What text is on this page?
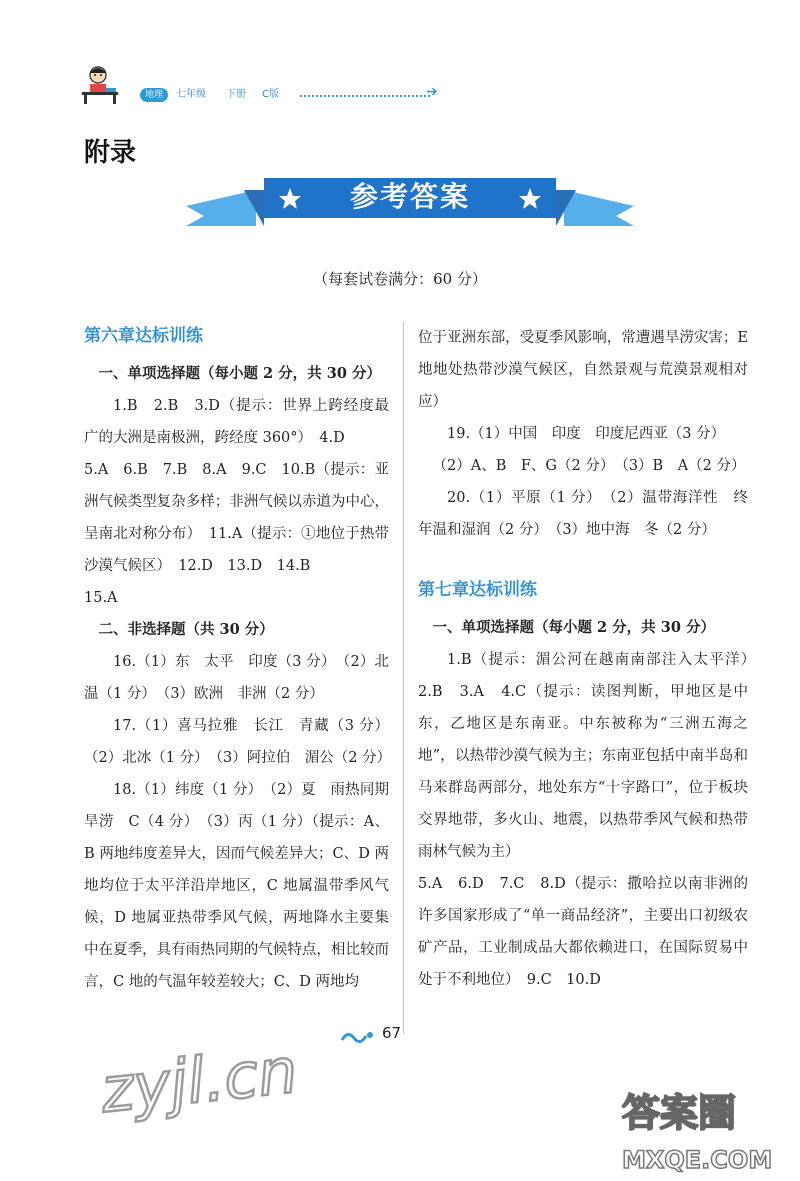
地理	七年级 下册 C版	➔
附录
参考答案
（每套试卷满分：60 分）

第六章达标训练

一、单项选择题（每小题 2 分，共 30 分）

1.B　2.B　3.D（提示：世界上跨经度最广的大洲是南极洲，跨经度 360°）　4.D

5.A　6.B　7.B　8.A　9.C　10.B（提示：亚洲气候类型复杂多样；非洲气候以赤道为中心，呈南北对称分布）　11.A（提示：①地位于热带沙漠气候区）　12.D　13.D　14.B

15.A

二、非选择题（共 30 分）

16.（1）东　太平　印度（3 分）　（2）北温（1 分）　（3）欧洲　非洲（2 分）

17.（1）喜马拉雅　长江　青藏（3 分）（2）北冰（1 分）　（3）阿拉伯　湄公（2 分）

18.（1）纬度（1 分）　（2）夏　雨热同期　旱涝　C（4 分）　（3）丙（1 分）（提示：A、B 两地纬度差异大，因而气候差异大；C、D 两地均位于太平洋沿岸地区，C 地属温带季风气候，D 地属亚热带季风气候，两地降水主要集中在夏季，具有雨热同期的气候特点，相比较而言，C 地的气温年较差较大；C、D 两地均

位于亚洲东部，受夏季风影响，常遭遇旱涝灾害；E 地地处热带沙漠气候区，自然景观与荒漠景观相对应）

19.（1）中国　印度　印度尼西亚（3 分）

（2）A、B　F、G（2 分）　（3）B　A（2 分）

20.（1）平原（1 分）　（2）温带海洋性　终年温和湿润（2 分）　（3）地中海　冬（2 分）

第七章达标训练

一、单项选择题（每小题 2 分，共 30 分）

1.B（提示：湄公河在越南南部注入太平洋）　2.B　3.A　4.C（提示：读图判断，甲地区是中东，乙地区是东南亚。中东被称为“三洲五海之地”，以热带沙漠气候为主；东南亚包括中南半岛和马来群岛两部分，地处东方“十字路口”，位于板块交界地带，多火山、地震，以热带季风气候和热带雨林气候为主）

5.A　6.D　7.C　8.D（提示：撒哈拉以南非洲的许多国家形成了“单一商品经济”，主要出口初级农矿产品，工业制成品大都依赖进口，在国际贸易中处于不利地位）　9.C　10.D

67
zyjl.cn	答案圈
MXQE.COM
